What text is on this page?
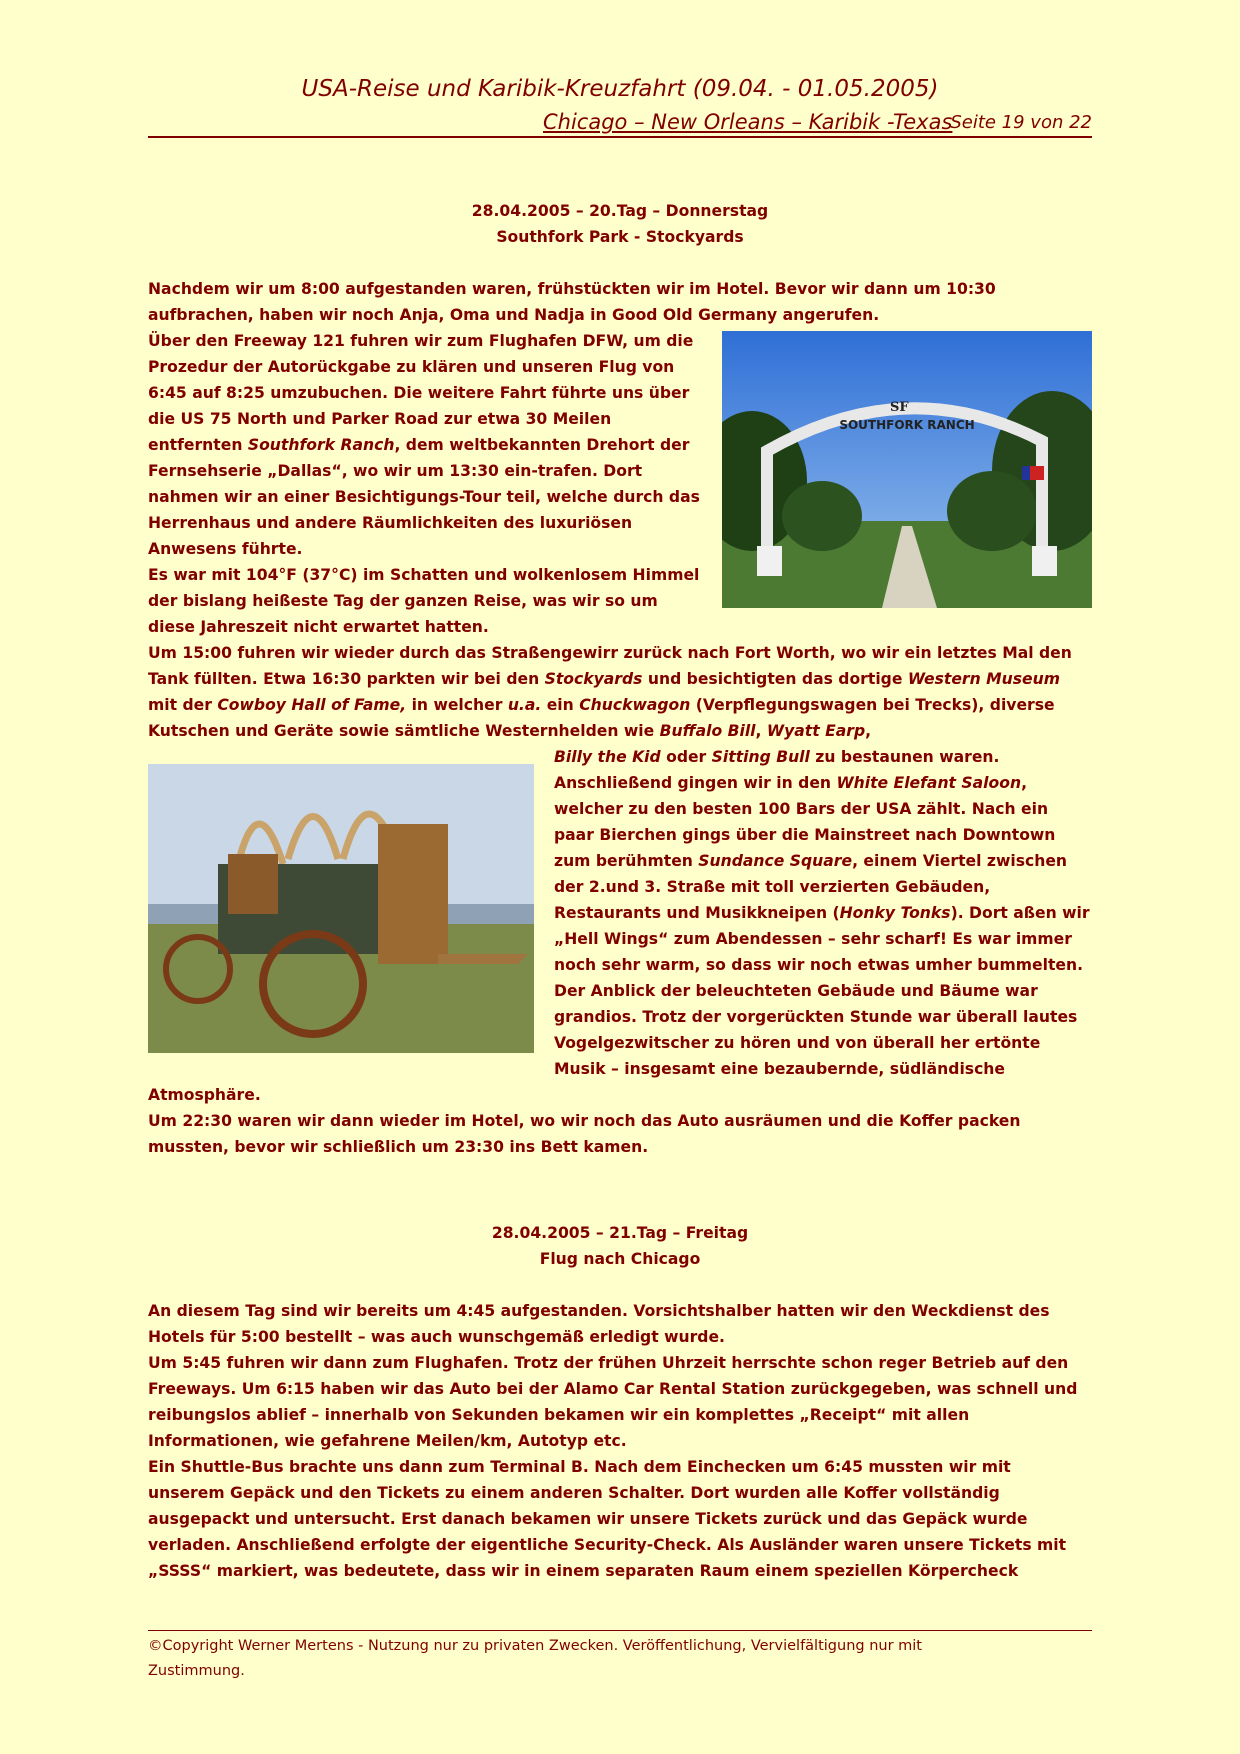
USA-Reise und Karibik-Kreuzfahrt (09.04. - 01.05.2005)
Chicago – New Orleans – Karibik -Texas
Seite 19 von 22
28.04.2005 – 20.Tag – Donnerstag
Southfork Park - Stockyards

Nachdem wir um 8:00 aufgestanden waren, frühstückten wir im Hotel. Bevor wir dann um 10:30 aufbrachen, haben wir noch Anja, Oma und Nadja in Good Old Germany angerufen.

SOUTHFORK RANCH
SF

Über den Freeway 121 fuhren wir zum Flughafen DFW, um die Prozedur der Autorückgabe zu klären und unseren Flug von 6:45 auf 8:25 umzubuchen. Die weitere Fahrt führte uns über die US 75 North und Parker Road zur etwa 30 Meilen entfernten Southfork Ranch, dem weltbekannten Drehort der Fernsehserie „Dallas“, wo wir um 13:30 ein-trafen. Dort nahmen wir an einer Besichtigungs-Tour teil, welche durch das Herrenhaus und andere Räumlichkeiten des luxuriösen Anwesens führte.

Es war mit 104°F (37°C) im Schatten und wolkenlosem Himmel der bislang heißeste Tag der ganzen Reise, was wir so um diese Jahreszeit nicht erwartet hatten.

Um 15:00 fuhren wir wieder durch das Straßengewirr zurück nach Fort Worth, wo wir ein letztes Mal den Tank füllten. Etwa 16:30 parkten wir bei den Stockyards und besichtigten das dortige Western Museum mit der Cowboy Hall of Fame, in welcher u.a. ein Chuckwagon (Verpflegungswagen bei Trecks), diverse Kutschen und Geräte sowie sämtliche Westernhelden wie Buffalo Bill, Wyatt Earp,

Billy the Kid oder Sitting Bull zu bestaunen waren. Anschließend gingen wir in den White Elefant Saloon, welcher zu den besten 100 Bars der USA zählt. Nach ein paar Bierchen gings über die Mainstreet nach Downtown zum berühmten Sundance Square, einem Viertel zwischen der 2.und 3. Straße mit toll verzierten Gebäuden, Restaurants und Musikkneipen (Honky Tonks). Dort aßen wir „Hell Wings“ zum Abendessen – sehr scharf! Es war immer noch sehr warm, so dass wir noch etwas umher bummelten. Der Anblick der beleuchteten Gebäude und Bäume war grandios. Trotz der vorgerückten Stunde war überall lautes Vogelgezwitscher zu hören und von überall her ertönte Musik – insgesamt eine bezaubernde, südländische Atmosphäre.

Um 22:30 waren wir dann wieder im Hotel, wo wir noch das Auto ausräumen und die Koffer packen mussten, bevor wir schließlich um 23:30 ins Bett kamen.

28.04.2005 – 21.Tag – Freitag
Flug nach Chicago

An diesem Tag sind wir bereits um 4:45 aufgestanden. Vorsichtshalber hatten wir den Weckdienst des Hotels für 5:00 bestellt – was auch wunschgemäß erledigt wurde.

Um 5:45 fuhren wir dann zum Flughafen. Trotz der frühen Uhrzeit herrschte schon reger Betrieb auf den Freeways. Um 6:15 haben wir das Auto bei der Alamo Car Rental Station zurückgegeben, was schnell und reibungslos ablief – innerhalb von Sekunden bekamen wir ein komplettes „Receipt“ mit allen Informationen, wie gefahrene Meilen/km, Autotyp etc.

Ein Shuttle-Bus brachte uns dann zum Terminal B. Nach dem Einchecken um 6:45 mussten wir mit unserem Gepäck und den Tickets zu einem anderen Schalter. Dort wurden alle Koffer vollständig ausgepackt und untersucht. Erst danach bekamen wir unsere Tickets zurück und das Gepäck wurde verladen. Anschließend erfolgte der eigentliche Security-Check. Als Ausländer waren unsere Tickets mit „SSSS“ markiert, was bedeutete, dass wir in einem separaten Raum einem speziellen Körpercheck

©Copyright Werner Mertens - Nutzung nur zu privaten Zwecken. Veröffentlichung, Vervielfältigung nur mit Zustimmung.
